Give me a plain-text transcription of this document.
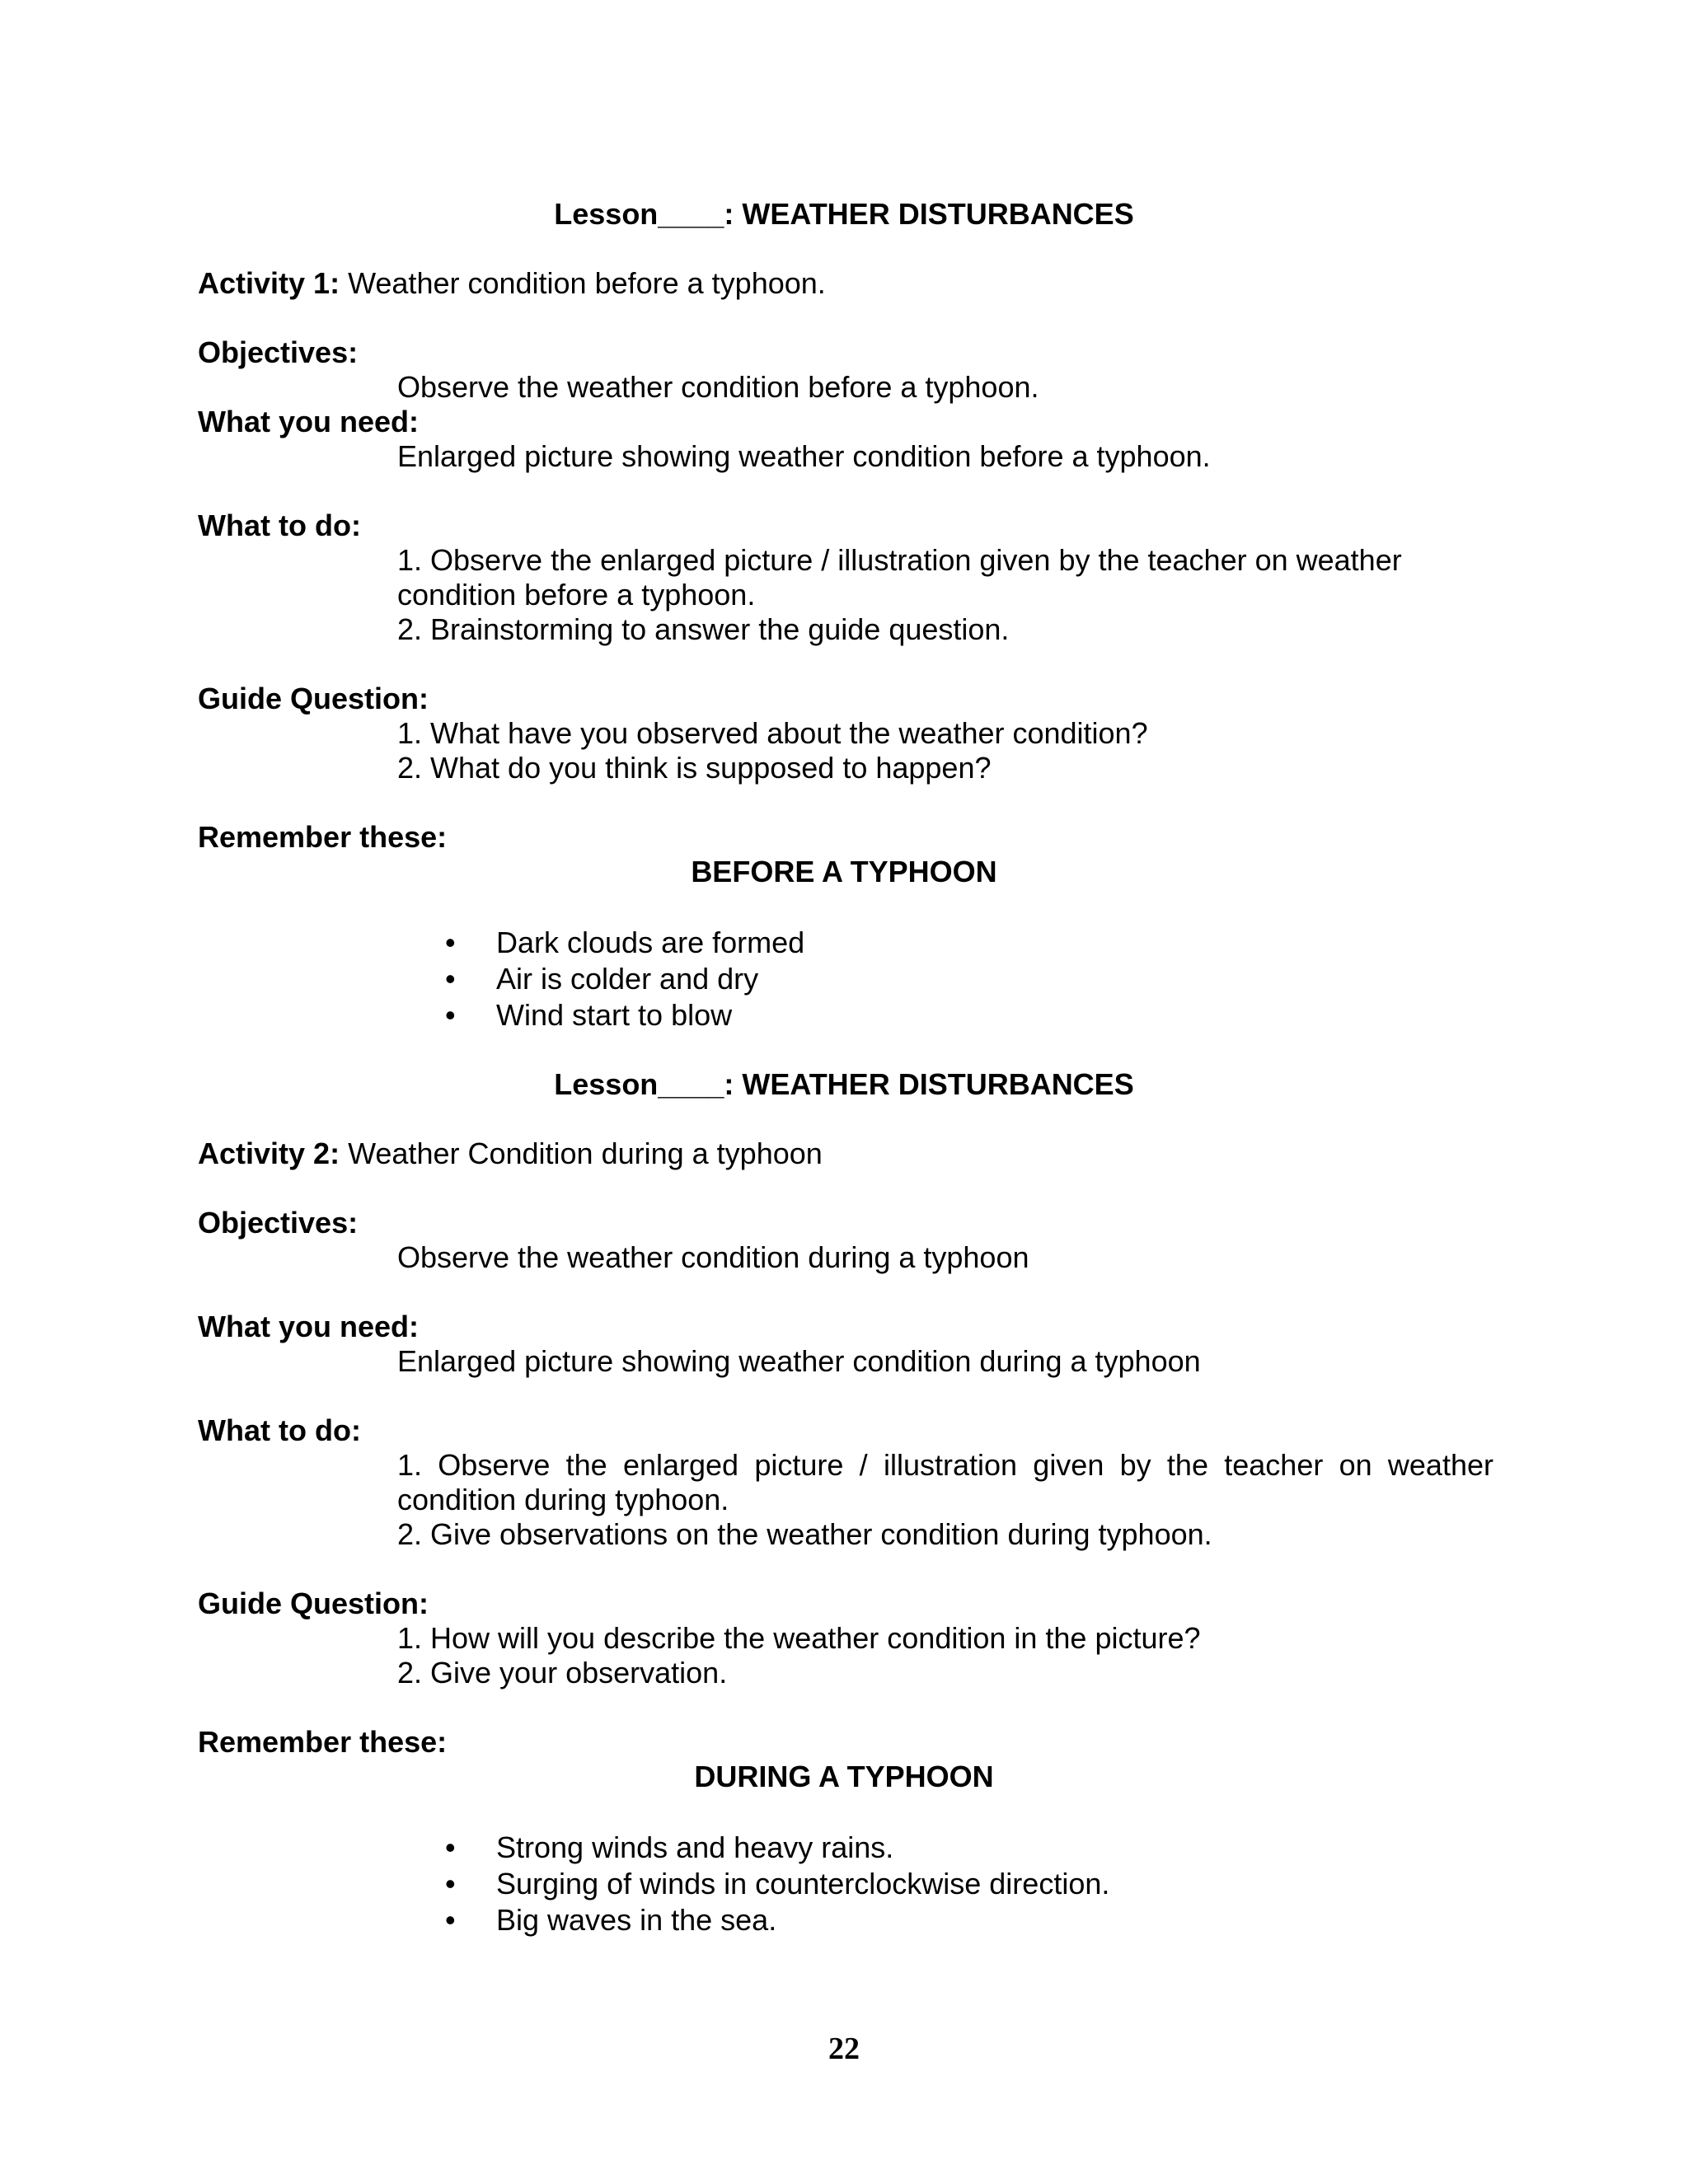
Lesson____: WEATHER DISTURBANCES

Activity 1: Weather condition before a typhoon.

Objectives:

Observe the weather condition before a typhoon.

What you need:

Enlarged picture showing weather condition before a typhoon.

What to do:

1. Observe the enlarged picture / illustration given by the teacher on weather

condition before a typhoon.

2. Brainstorming to answer the guide question.

Guide Question:

1. What have you observed about the weather condition?

2. What do you think is supposed to happen?

Remember these:

BEFORE A TYPHOON

• Dark clouds are formed

• Air is colder and dry

• Wind start to blow

Lesson____: WEATHER DISTURBANCES

Activity 2: Weather Condition during a typhoon

Objectives:

Observe the weather condition during a typhoon

What you need:

Enlarged picture showing weather condition during a typhoon

What to do:

1. Observe the enlarged picture / illustration given by the teacher on weather

condition during typhoon.

2. Give observations on the weather condition during typhoon.

Guide Question:

1. How will you describe the weather condition in the picture?

2. Give your observation.

Remember these:

DURING A TYPHOON

• Strong winds and heavy rains.

• Surging of winds in counterclockwise direction.

• Big waves in the sea.

22
